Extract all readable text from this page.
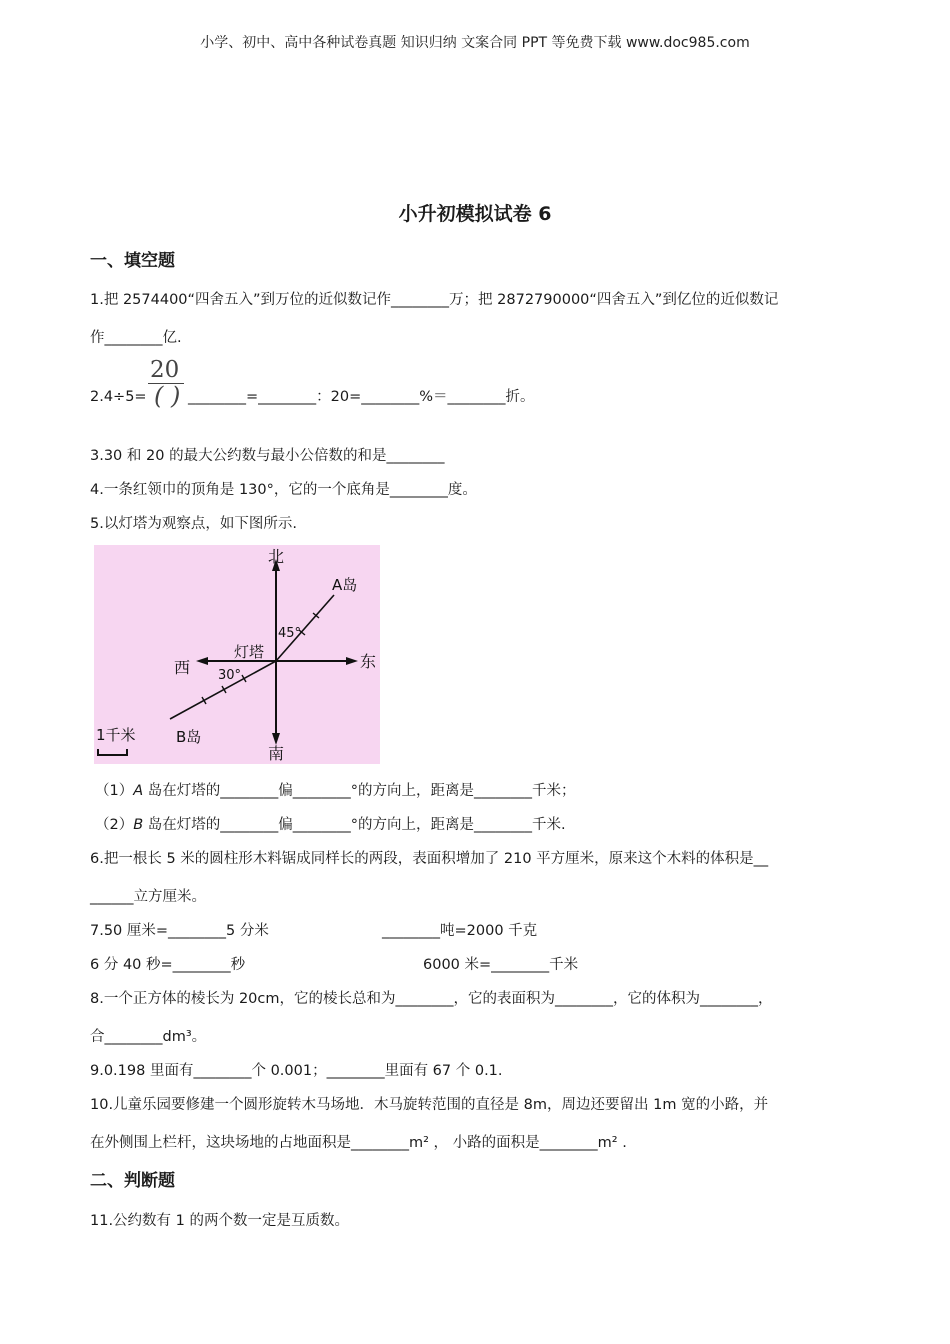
小学、初中、高中各种试卷真题 知识归纳 文案合同 PPT 等免费下载 www.doc985.com
小升初模拟试卷 6
一、填空题
1.把 2574400“四舍五入”到万位的近似数记作________万；把 2872790000“四舍五入”到亿位的近似数记
作________亿.
2.4÷5=
20
( ) ________=________：20=________%＝________折。
3.30 和 20 的最大公约数与最小公倍数的和是________
4.一条红领巾的顶角是 130°，它的一个底角是________度。
5.以灯塔为观察点，如下图所示.
北
南
东
西
A岛
B岛
灯塔
45°
30°
1千米
（1）A 岛在灯塔的________偏________°的方向上，距离是________千米；
（2）B 岛在灯塔的________偏________°的方向上，距离是________千米.
6.把一根长 5 米的圆柱形木料锯成同样长的两段，表面积增加了 210 平方厘米，原来这个木料的体积是__
______立方厘米。
7.50 厘米=________5 分米	________吨=2000 千克
6 分 40 秒=________秒	6000 米=________千米
8.一个正方体的棱长为 20cm，它的棱长总和为________，它的表面积为________，它的体积为________，
合________dm³。
9.0.198 里面有________个 0.001；________里面有 67 个 0.1.
10.儿童乐园要修建一个圆形旋转木马场地．木马旋转范围的直径是 8m，周边还要留出 1m 宽的小路，并
在外侧围上栏杆，这块场地的占地面积是________m² ， 小路的面积是________m² .
二、判断题
11.公约数有 1 的两个数一定是互质数。
